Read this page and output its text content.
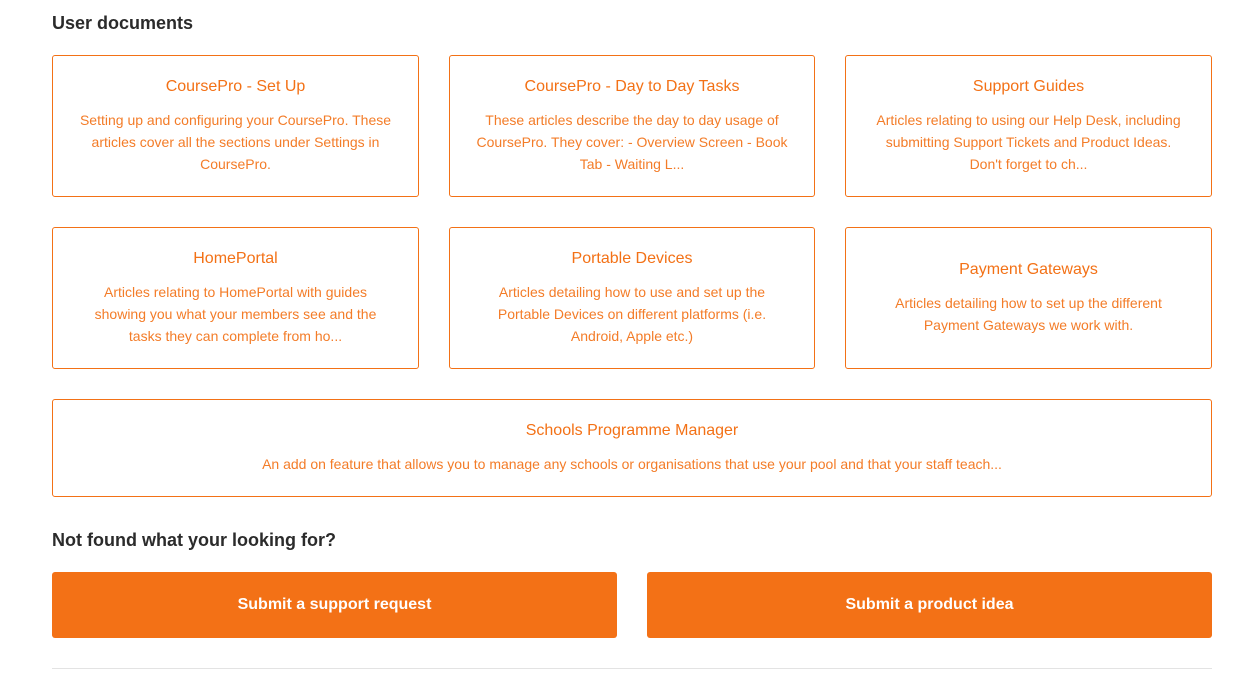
User documents
CoursePro - Set Up
Setting up and configuring your CoursePro. These articles cover all the sections under Settings in CoursePro.
CoursePro - Day to Day Tasks
These articles describe the day to day usage of CoursePro. They cover: - Overview Screen - Book Tab - Waiting L...
Support Guides
Articles relating to using our Help Desk, including submitting Support Tickets and Product Ideas. Don't forget to ch...
HomePortal
Articles relating to HomePortal with guides showing you what your members see and the tasks they can complete from ho...
Portable Devices
Articles detailing how to use and set up the Portable Devices on different platforms (i.e. Android, Apple etc.)
Payment Gateways
Articles detailing how to set up the different Payment Gateways we work with.
Schools Programme Manager
An add on feature that allows you to manage any schools or organisations that use your pool and that your staff teach...
Not found what your looking for?
Submit a support request	Submit a product idea
